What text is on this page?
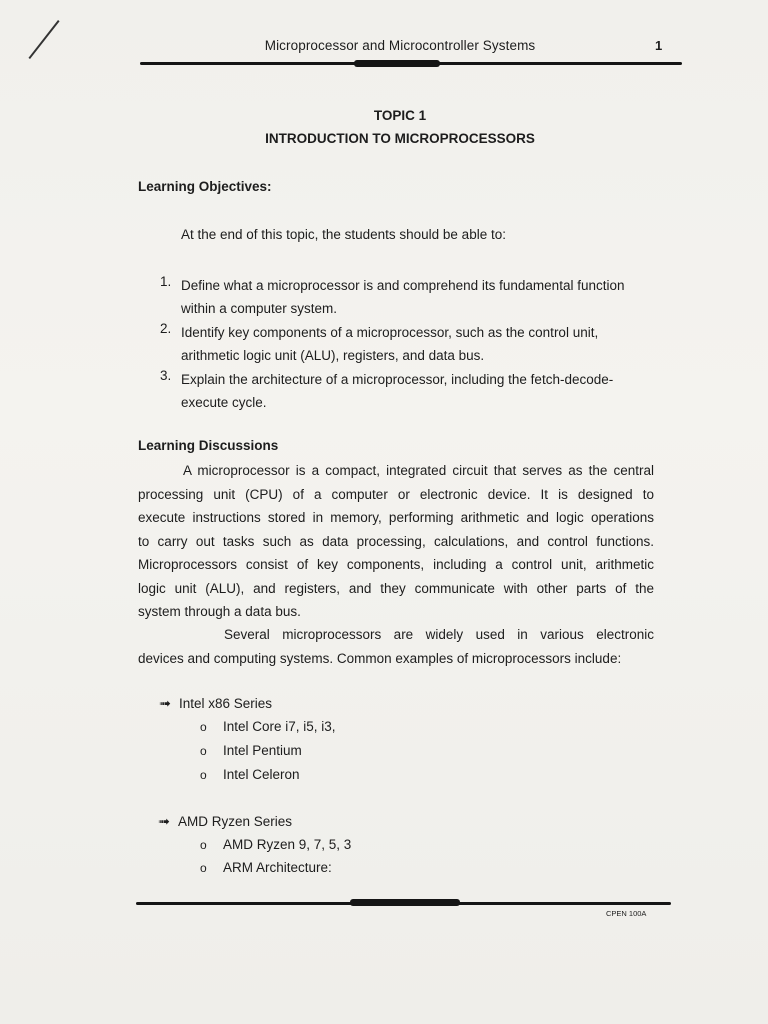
Microprocessor and Microcontroller Systems	1
TOPIC 1
INTRODUCTION TO MICROPROCESSORS
Learning Objectives:
At the end of this topic, the students should be able to:
1. Define what a microprocessor is and comprehend its fundamental function
within a computer system.
2. Identify key components of a microprocessor, such as the control unit,
arithmetic logic unit (ALU), registers, and data bus.
3. Explain the architecture of a microprocessor, including the fetch-decode-
execute cycle.
Learning Discussions
A microprocessor is a compact, integrated circuit that serves as the central
processing unit (CPU) of a computer or electronic device. It is designed to
execute instructions stored in memory, performing arithmetic and logic operations
to carry out tasks such as data processing, calculations, and control functions.
Microprocessors consist of key components, including a control unit, arithmetic
logic unit (ALU), and registers, and they communicate with other parts of the
system through a data bus.
Several microprocessors are widely used in various electronic
devices and computing systems. Common examples of microprocessors include:
➟ Intel x86 Series
o Intel Core i7, i5, i3,
o Intel Pentium
o Intel Celeron
➟ AMD Ryzen Series
o AMD Ryzen 9, 7, 5, 3
o ARM Architecture:
CPEN 100A
